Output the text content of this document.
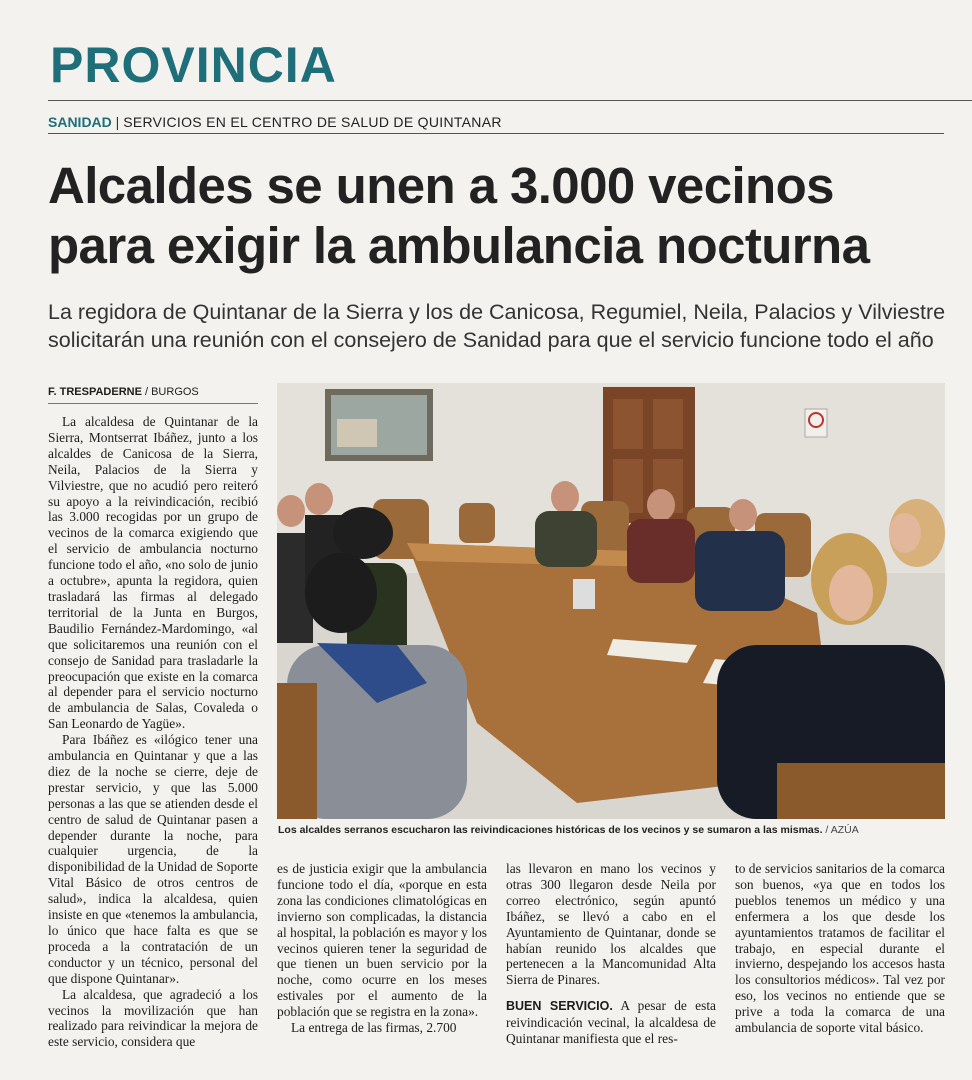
PROVINCIA
SANIDAD | SERVICIOS EN EL CENTRO DE SALUD DE QUINTANAR
Alcaldes se unen a 3.000 vecinos
para exigir la ambulancia nocturna

La regidora de Quintanar de la Sierra y los de Canicosa, Regumiel, Neila, Palacios y Vilviestre
solicitarán una reunión con el consejero de Sanidad para que el servicio funcione todo el año

F. TRESPADERNE / BURGOS

La alcaldesa de Quintanar de la Sierra, Montserrat Ibáñez, junto a los alcaldes de Canicosa de la Sierra, Neila, Palacios de la Sierra y Vilviestre, que no acudió pero reiteró su apoyo a la reivindicación, recibió las 3.000 recogidas por un grupo de vecinos de la comarca exigiendo que el servicio de ambulancia nocturno funcione todo el año, «no solo de junio a octubre», apunta la regidora, quien trasladará las firmas al delegado territorial de la Junta en Burgos, Baudilio Fernández-Mardomingo, «al que solicitaremos una reunión con el consejo de Sanidad para trasladarle la preocupación que existe en la comarca al depender para el servicio nocturno de ambulancia de Salas, Covaleda o San Leonardo de Yagüe».

Para Ibáñez es «ilógico tener una ambulancia en Quintanar y que a las diez de la noche se cierre, deje de prestar servicio, y que las 5.000 personas a las que se atienden desde el centro de salud de Quintanar pasen a depender durante la noche, para cualquier urgencia, de la disponibilidad de la Unidad de Soporte Vital Básico de otros centros de salud», indica la alcaldesa, quien insiste en que «tenemos la ambulancia, lo único que hace falta es que se proceda a la contratación de un conductor y un técnico, personal del que dispone Quintanar».

La alcaldesa, que agradeció a los vecinos la movilización que han realizado para reivindicar la mejora de este servicio, considera que

Los alcaldes serranos escucharon las reivindicaciones históricas de los vecinos y se sumaron a las mismas. / AZÚA

es de justicia exigir que la ambulancia funcione todo el día, «porque en esta zona las condiciones climatológicas en invierno son complicadas, la distancia al hospital, la población es mayor y los vecinos quieren tener la seguridad de que tienen un buen servicio por la noche, como ocurre en los meses estivales por el aumento de la población que se registra en la zona».

La entrega de las firmas, 2.700

las llevaron en mano los vecinos y otras 300 llegaron desde Neila por correo electrónico, según apuntó Ibáñez, se llevó a cabo en el Ayuntamiento de Quintanar, donde se habían reunido los alcaldes que pertenecen a la Mancomunidad Alta Sierra de Pinares.

BUEN SERVICIO. A pesar de esta reivindicación vecinal, la alcaldesa de Quintanar manifiesta que el res-

to de servicios sanitarios de la comarca son buenos, «ya que en todos los pueblos tenemos un médico y una enfermera a los que desde los ayuntamientos tratamos de facilitar el trabajo, en especial durante el invierno, despejando los accesos hasta los consultorios médicos». Tal vez por eso, los vecinos no entiende que se prive a toda la comarca de una ambulancia de soporte vital básico.
